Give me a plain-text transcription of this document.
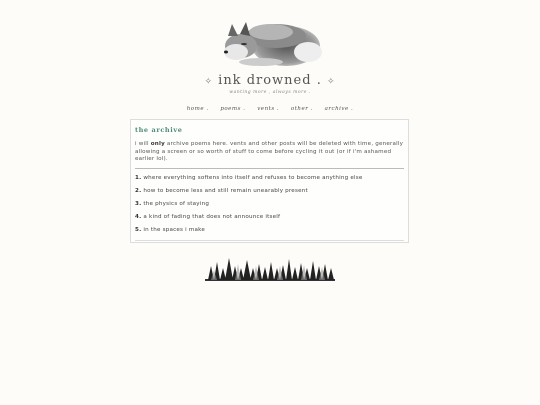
✧ ink drowned . ✧
wanting more , always more .
home . poems . vents . other . archive .
the archive

i will only archive poems here. vents and other posts will be deleted with time, generally allowing a screen or so worth of stuff to come before cycling it out (or if i'm ashamed earlier lol).

1. where everything softens into itself and refuses to become anything else
2. how to become less and still remain unearably present
3. the physics of staying
4. a kind of fading that does not announce itself
5. in the spaces i make
